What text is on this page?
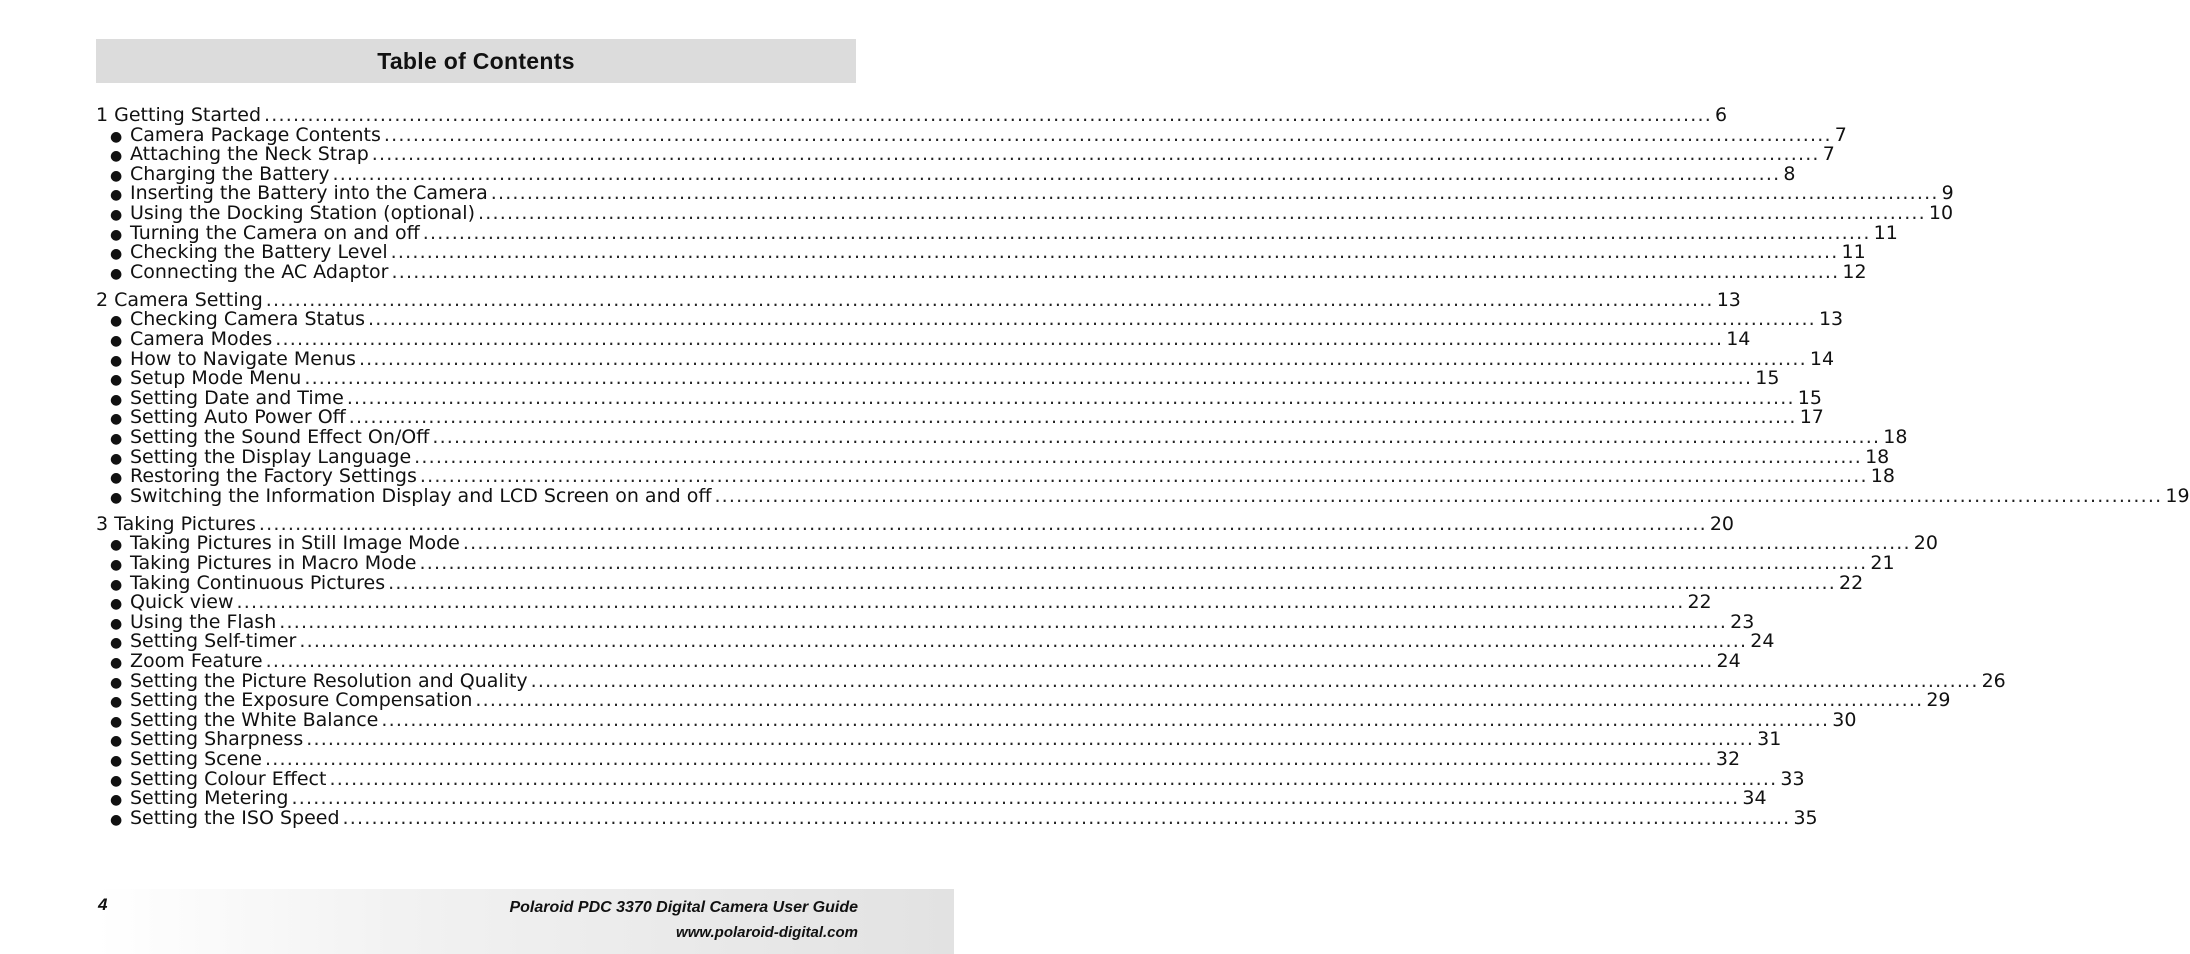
Table of Contents
1 Getting Started ........................................................................................................................................................................................................ 6
● Camera Package Contents ........................................................................................................................................................................................................ 7
● Attaching the Neck Strap ........................................................................................................................................................................................................ 7
● Charging the Battery ........................................................................................................................................................................................................ 8
● Inserting the Battery into the Camera ........................................................................................................................................................................................................ 9
● Using the Docking Station (optional) ........................................................................................................................................................................................................ 10
● Turning the Camera on and off ........................................................................................................................................................................................................ 11
● Checking the Battery Level ........................................................................................................................................................................................................ 11
● Connecting the AC Adaptor ........................................................................................................................................................................................................ 12
2 Camera Setting ........................................................................................................................................................................................................ 13
● Checking Camera Status ........................................................................................................................................................................................................ 13
● Camera Modes ........................................................................................................................................................................................................ 14
● How to Navigate Menus ........................................................................................................................................................................................................ 14
● Setup Mode Menu ........................................................................................................................................................................................................ 15
● Setting Date and Time ........................................................................................................................................................................................................ 15
● Setting Auto Power Off ........................................................................................................................................................................................................ 17
● Setting the Sound Effect On/Off ........................................................................................................................................................................................................ 18
● Setting the Display Language ........................................................................................................................................................................................................ 18
● Restoring the Factory Settings ........................................................................................................................................................................................................ 18
● Switching the Information Display and LCD Screen on and off ........................................................................................................................................................................................................ 19
3 Taking Pictures ........................................................................................................................................................................................................ 20
● Taking Pictures in Still Image Mode ........................................................................................................................................................................................................ 20
● Taking Pictures in Macro Mode ........................................................................................................................................................................................................ 21
● Taking Continuous Pictures ........................................................................................................................................................................................................ 22
● Quick view ........................................................................................................................................................................................................ 22
● Using the Flash ........................................................................................................................................................................................................ 23
● Setting Self-timer ........................................................................................................................................................................................................ 24
● Zoom Feature ........................................................................................................................................................................................................ 24
● Setting the Picture Resolution and Quality ........................................................................................................................................................................................................ 26
● Setting the Exposure Compensation ........................................................................................................................................................................................................ 29
● Setting the White Balance ........................................................................................................................................................................................................ 30
● Setting Sharpness ........................................................................................................................................................................................................ 31
● Setting Scene ........................................................................................................................................................................................................ 32
● Setting Colour Effect ........................................................................................................................................................................................................ 33
● Setting Metering ........................................................................................................................................................................................................ 34
● Setting the ISO Speed ........................................................................................................................................................................................................ 35
4	Polaroid PDC 3370 Digital Camera User Guide
www.polaroid-digital.com
